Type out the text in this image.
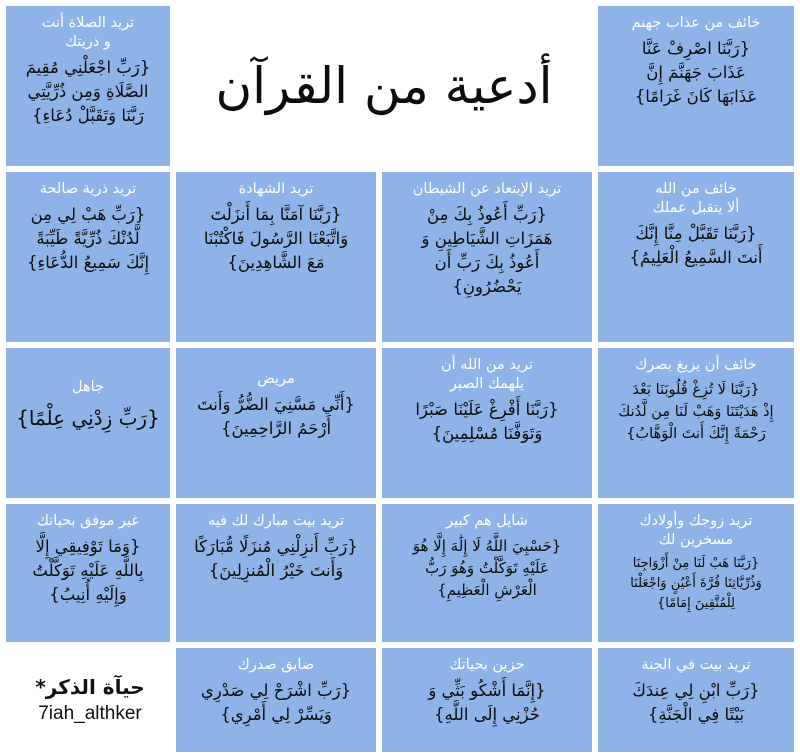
تريد الصلاة أنت
و ذريتك
{رَبِّ اجْعَلْنِي مُقِيمَ
الصَّلَاةِ وَمِن ذُرِّيَّتِي
رَبَّنَا وَتَقَبَّلْ دُعَاءِ}
أدعية من القرآن
خائف من عذاب جهنم
{رَبَّنَا اصْرِفْ عَنَّا
عَذَابَ جَهَنَّمَ إِنَّ
عَذَابَهَا كَانَ غَرَامًا}
تريد ذرية صالحة
{رَبِّ هَبْ لِي مِن
لَّدُنْكَ ذُرِّيَّةً طَيِّبَةً
إِنَّكَ سَمِيعُ الدُّعَاءِ}
تريد الشهادة
{رَبَّنَا آمَنَّا بِمَا أَنزَلْتَ
وَاتَّبَعْنَا الرَّسُولَ فَاكْتُبْنَا
مَعَ الشَّاهِدِينَ}
تريد الإبتعاد عن الشيطان
{رَبِّ أَعُوذُ بِكَ مِنْ
هَمَزَاتِ الشَّيَاطِينِ وَ
أَعُوذُ بِكَ رَبِّ أَن
يَحْضُرُونِ}
خائف من الله
ألا يتقبل عملك
{رَبَّنَا تَقَبَّلْ مِنَّا إِنَّكَ
أَنتَ السَّمِيعُ الْعَلِيمُ}
جاهل
{رَبِّ زِدْنِي عِلْمًا}
مريض
{أَنِّي مَسَّنِيَ الضُّرُّ وَأَنتَ
أَرْحَمُ الرَّاحِمِينَ}
تريد من الله أن
يلهمك الصبر
{رَبَّنَا أَفْرِغْ عَلَيْنَا صَبْرًا
وَتَوَفَّنَا مُسْلِمِينَ}
خائف أن يزيغ بصرك
{رَبَّنَا لَا تُزِغْ قُلُوبَنَا بَعْدَ
إِذْ هَدَيْتَنَا وَهَبْ لَنَا مِن لَّدُنكَ
رَحْمَةً إِنَّكَ أَنتَ الْوَهَّابُ}
غير موفق بحياتك
{وَمَا تَوْفِيقِي إِلَّا
بِاللَّهِ عَلَيْهِ تَوَكَّلْتُ
وَإِلَيْهِ أُنِيبُ}
تريد بيت مبارك لك فيه
{رَبِّ أَنزِلْنِي مُنزَلًا مُّبَارَكًا
وَأَنتَ خَيْرُ الْمُنزِلِينَ}
شايل هم كبير
{حَسْبِيَ اللَّهُ لَا إِلَٰهَ إِلَّا هُوَ
عَلَيْهِ تَوَكَّلْتُ وَهُوَ رَبُّ
الْعَرْشِ الْعَظِيمِ}
تريد زوجك وأولادك
مسخرين لك
{رَبَّنَا هَبْ لَنَا مِنْ أَزْوَاجِنَا
وَذُرِّيَّاتِنَا قُرَّةَ أَعْيُنٍ وَاجْعَلْنَا
لِلْمُتَّقِينَ إِمَامًا}
حيآة الذكر*
7iah_althker
ضايق صدرك
{رَبِّ اشْرَحْ لِي صَدْرِي
وَيَسِّرْ لِي أَمْرِي}
حزين بحياتك
{إِنَّمَا أَشْكُو بَثِّي وَ
حُزْنِي إِلَى اللَّهِ}
تريد بيت في الجنة
{رَبِّ ابْنِ لِي عِندَكَ
بَيْتًا فِي الْجَنَّةِ}
